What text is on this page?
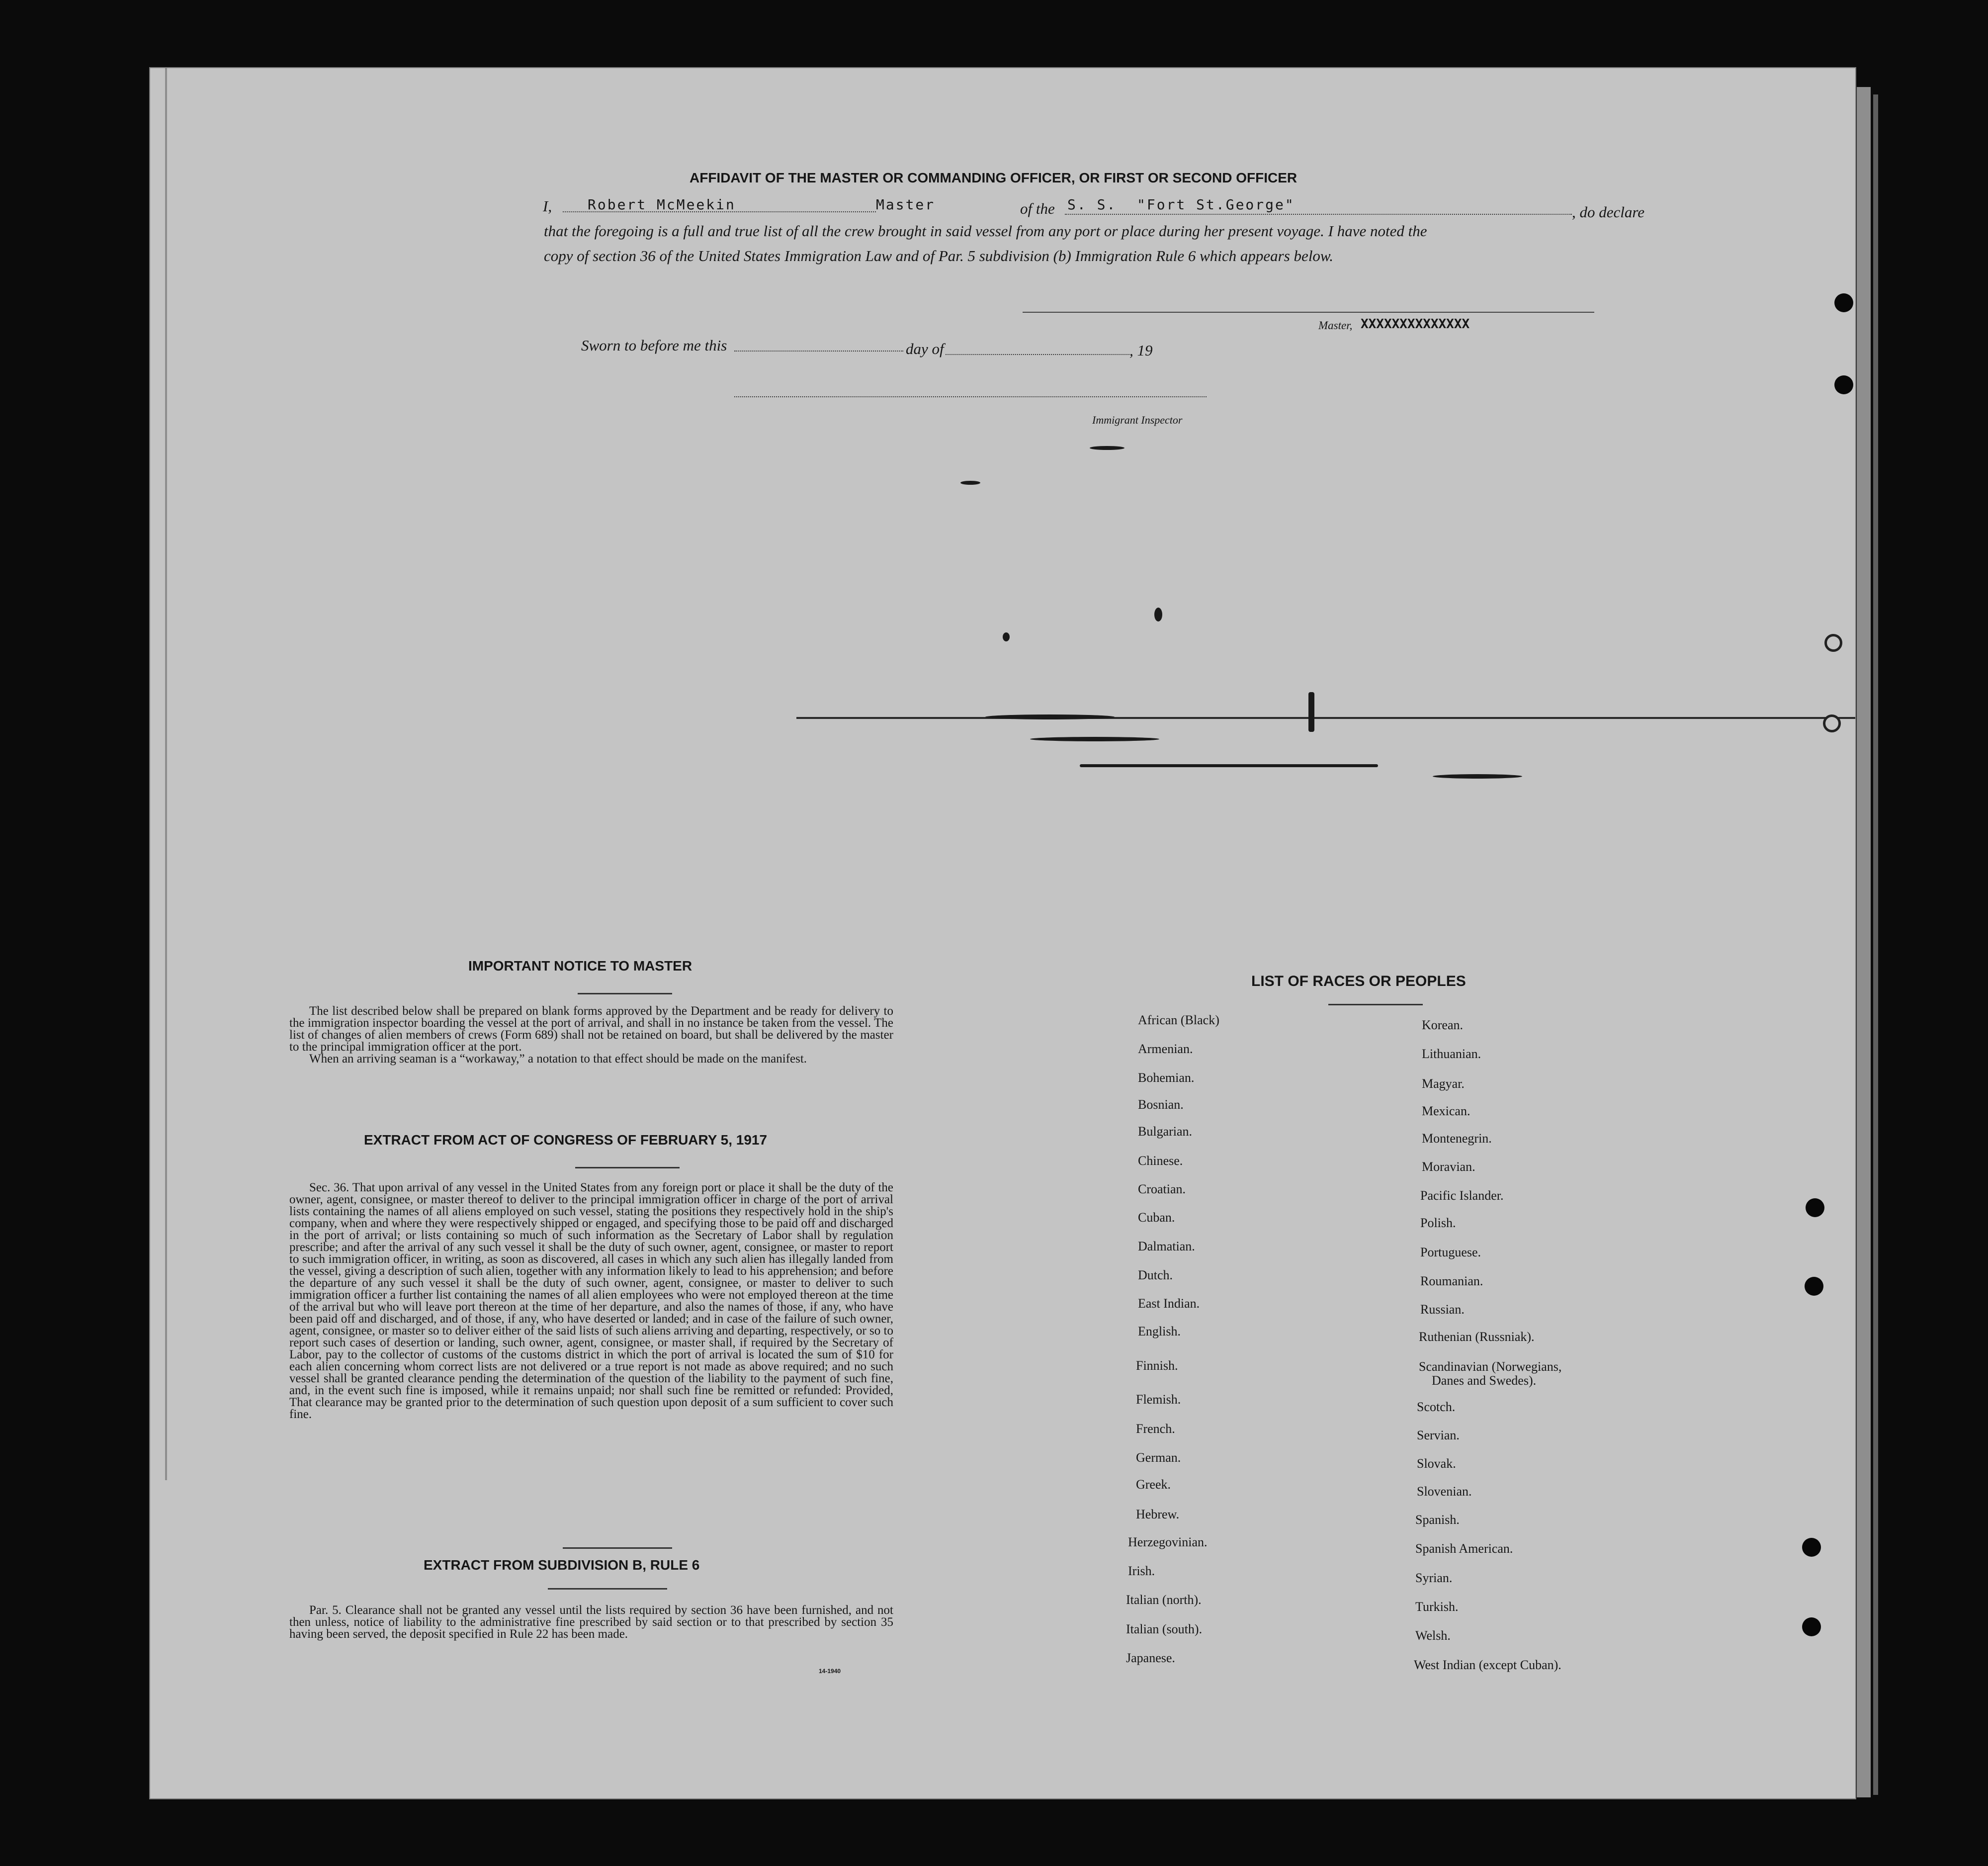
AFFIDAVIT OF THE MASTER OR COMMANDING OFFICER, OR FIRST OR SECOND OFFICER
I,	Robert McMeekin	Master	of the S. S. "Fort St.George"	, do declare
that the foregoing is a full and true list of all the crew brought in said vessel from any port or place during her present voyage. I have noted the
copy of section 36 of the United States Immigration Law and of Par. 5 subdivision (b) Immigration Rule 6 which appears below.
Master, XXXXXXXXXXXXXX
Sworn to before me this	day of	, 19
Immigrant Inspector
IMPORTANT NOTICE TO MASTER

The list described below shall be prepared on blank forms approved by the Department and be ready for delivery to the immigration inspector boarding the vessel at the port of arrival, and shall in no instance be taken from the vessel. The list of changes of alien members of crews (Form 689) shall not be retained on board, but shall be delivered by the master to the principal immigration officer at the port.

When an arriving seaman is a “workaway,” a notation to that effect should be made on the manifest.

EXTRACT FROM ACT OF CONGRESS OF FEBRUARY 5, 1917

Sec. 36. That upon arrival of any vessel in the United States from any foreign port or place it shall be the duty of the owner, agent, consignee, or master thereof to deliver to the principal immigration officer in charge of the port of arrival lists containing the names of all aliens employed on such vessel, stating the positions they respectively hold in the ship's company, when and where they were respectively shipped or engaged, and specifying those to be paid off and discharged in the port of arrival; or lists containing so much of such information as the Secretary of Labor shall by regulation prescribe; and after the arrival of any such vessel it shall be the duty of such owner, agent, consignee, or master to report to such immigration officer, in writing, as soon as discovered, all cases in which any such alien has illegally landed from the vessel, giving a description of such alien, together with any information likely to lead to his apprehension; and before the departure of any such vessel it shall be the duty of such owner, agent, consignee, or master to deliver to such immigration officer a further list containing the names of all alien employees who were not employed thereon at the time of the arrival but who will leave port thereon at the time of her departure, and also the names of those, if any, who have been paid off and discharged, and of those, if any, who have deserted or landed; and in case of the failure of such owner, agent, consignee, or master so to deliver either of the said lists of such aliens arriving and departing, respectively, or so to report such cases of desertion or landing, such owner, agent, consignee, or master shall, if required by the Secretary of Labor, pay to the collector of customs of the customs district in which the port of arrival is located the sum of $10 for each alien concerning whom correct lists are not delivered or a true report is not made as above required; and no such vessel shall be granted clearance pending the determination of the question of the liability to the payment of such fine, and, in the event such fine is imposed, while it remains unpaid; nor shall such fine be remitted or refunded: Provided, That clearance may be granted prior to the determination of such question upon deposit of a sum sufficient to cover such fine.

EXTRACT FROM SUBDIVISION B, RULE 6

Par. 5. Clearance shall not be granted any vessel until the lists required by section 36 have been furnished, and not then unless, notice of liability to the administrative fine prescribed by said section or to that prescribed by section 35 having been served, the deposit specified in Rule 22 has been made.

14-1940
LIST OF RACES OR PEOPLES
African (Black)
Armenian.
Bohemian.
Bosnian.
Bulgarian.
Chinese.
Croatian.
Cuban.
Dalmatian.
Dutch.
East Indian.
English.
Finnish.
Flemish.
French.
German.
Greek.
Hebrew.
Herzegovinian.
Irish.
Italian (north).
Italian (south).
Japanese.
Korean.
Lithuanian.
Magyar.
Mexican.
Montenegrin.
Moravian.
Pacific Islander.
Polish.
Portuguese.
Roumanian.
Russian.
Ruthenian (Russniak).
Scandinavian (Norwegians,
Danes and Swedes).
Scotch.
Servian.
Slovak.
Slovenian.
Spanish.
Spanish American.
Syrian.
Turkish.
Welsh.
West Indian (except Cuban).
